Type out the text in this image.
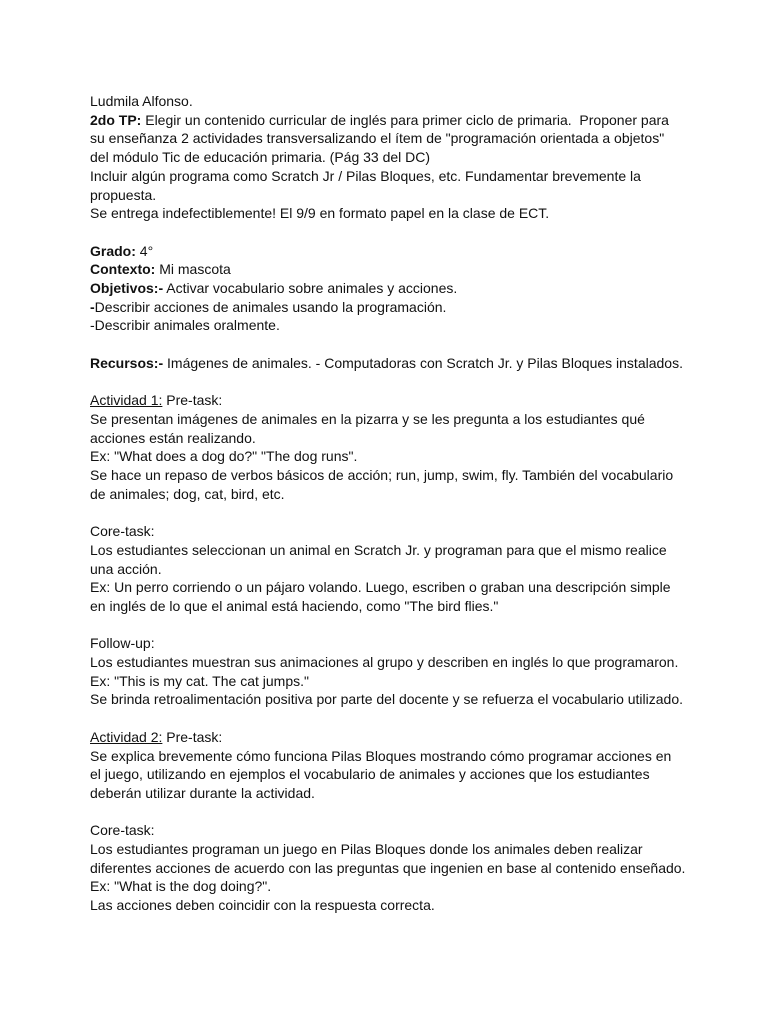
Ludmila Alfonso.
2do TP: Elegir un contenido curricular de inglés para primer ciclo de primaria.  Proponer para
su enseñanza 2 actividades transversalizando el ítem de "programación orientada a objetos"
del módulo Tic de educación primaria. (Pág 33 del DC)
Incluir algún programa como Scratch Jr / Pilas Bloques, etc. Fundamentar brevemente la
propuesta.
Se entrega indefectiblemente! El 9/9 en formato papel en la clase de ECT.
Grado: 4°
Contexto: Mi mascota
Objetivos:- Activar vocabulario sobre animales y acciones.
-Describir acciones de animales usando la programación.
-Describir animales oralmente.
Recursos:- Imágenes de animales. - Computadoras con Scratch Jr. y Pilas Bloques instalados.
Actividad 1: Pre-task:
Se presentan imágenes de animales en la pizarra y se les pregunta a los estudiantes qué
acciones están realizando.
Ex: "What does a dog do?" "The dog runs".
Se hace un repaso de verbos básicos de acción; run, jump, swim, fly. También del vocabulario
de animales; dog, cat, bird, etc.
Core-task:
Los estudiantes seleccionan un animal en Scratch Jr. y programan para que el mismo realice
una acción.
Ex: Un perro corriendo o un pájaro volando. Luego, escriben o graban una descripción simple
en inglés de lo que el animal está haciendo, como "The bird flies."
Follow-up:
Los estudiantes muestran sus animaciones al grupo y describen en inglés lo que programaron.
Ex: "This is my cat. The cat jumps."
Se brinda retroalimentación positiva por parte del docente y se refuerza el vocabulario utilizado.
Actividad 2: Pre-task:
Se explica brevemente cómo funciona Pilas Bloques mostrando cómo programar acciones en
el juego, utilizando en ejemplos el vocabulario de animales y acciones que los estudiantes
deberán utilizar durante la actividad.
Core-task:
Los estudiantes programan un juego en Pilas Bloques donde los animales deben realizar
diferentes acciones de acuerdo con las preguntas que ingenien en base al contenido enseñado.
Ex: "What is the dog doing?".
Las acciones deben coincidir con la respuesta correcta.
